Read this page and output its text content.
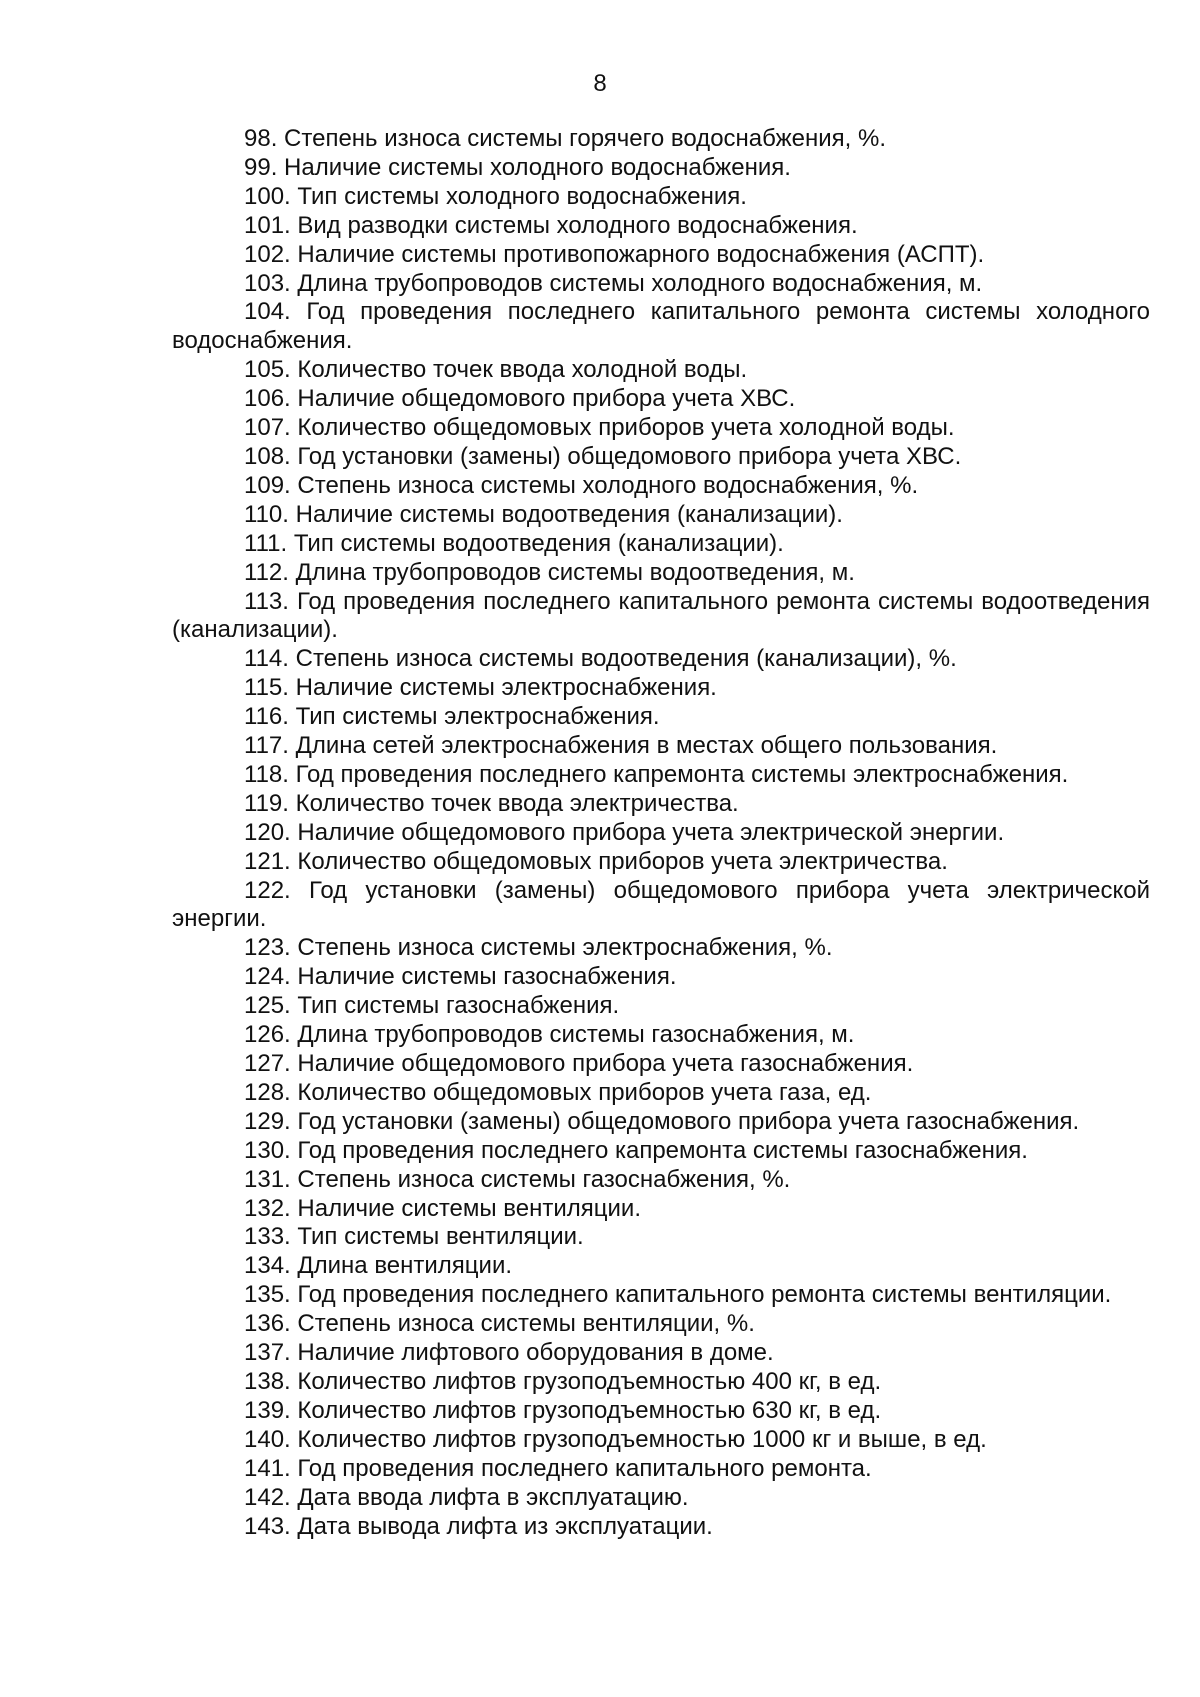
8
98. Степень износа системы горячего водоснабжения, %.
99. Наличие системы холодного водоснабжения.
100. Тип системы холодного водоснабжения.
101. Вид разводки системы холодного водоснабжения.
102. Наличие системы противопожарного водоснабжения (АСПТ).
103. Длина трубопроводов системы холодного водоснабжения, м.
104. Год проведения последнего капитального ремонта системы холодного водоснабжения.
105. Количество точек ввода холодной воды.
106. Наличие общедомового прибора учета ХВС.
107. Количество общедомовых приборов учета холодной воды.
108. Год установки (замены) общедомового прибора учета ХВС.
109. Степень износа системы холодного водоснабжения, %.
110. Наличие системы водоотведения (канализации).
111. Тип системы водоотведения (канализации).
112. Длина трубопроводов системы водоотведения, м.
113. Год проведения последнего капитального ремонта системы водоотведения (канализации).
114. Степень износа системы водоотведения (канализации), %.
115. Наличие системы электроснабжения.
116. Тип системы электроснабжения.
117. Длина сетей электроснабжения в местах общего пользования.
118. Год проведения последнего капремонта системы электроснабжения.
119. Количество точек ввода электричества.
120. Наличие общедомового прибора учета электрической энергии.
121. Количество общедомовых приборов учета электричества.
122. Год установки (замены) общедомового прибора учета электрической энергии.
123. Степень износа системы электроснабжения, %.
124. Наличие системы газоснабжения.
125. Тип системы газоснабжения.
126. Длина трубопроводов системы газоснабжения, м.
127. Наличие общедомового прибора учета газоснабжения.
128. Количество общедомовых приборов учета газа, ед.
129. Год установки (замены) общедомового прибора учета газоснабжения.
130. Год проведения последнего капремонта системы газоснабжения.
131. Степень износа системы газоснабжения, %.
132. Наличие системы вентиляции.
133. Тип системы вентиляции.
134. Длина вентиляции.
135. Год проведения последнего капитального ремонта системы вентиляции.
136. Степень износа системы вентиляции, %.
137. Наличие лифтового оборудования в доме.
138. Количество лифтов грузоподъемностью 400 кг, в ед.
139. Количество лифтов грузоподъемностью 630 кг, в ед.
140. Количество лифтов грузоподъемностью 1000 кг и выше, в ед.
141. Год проведения последнего капитального ремонта.
142. Дата ввода лифта в эксплуатацию.
143. Дата вывода лифта из эксплуатации.
